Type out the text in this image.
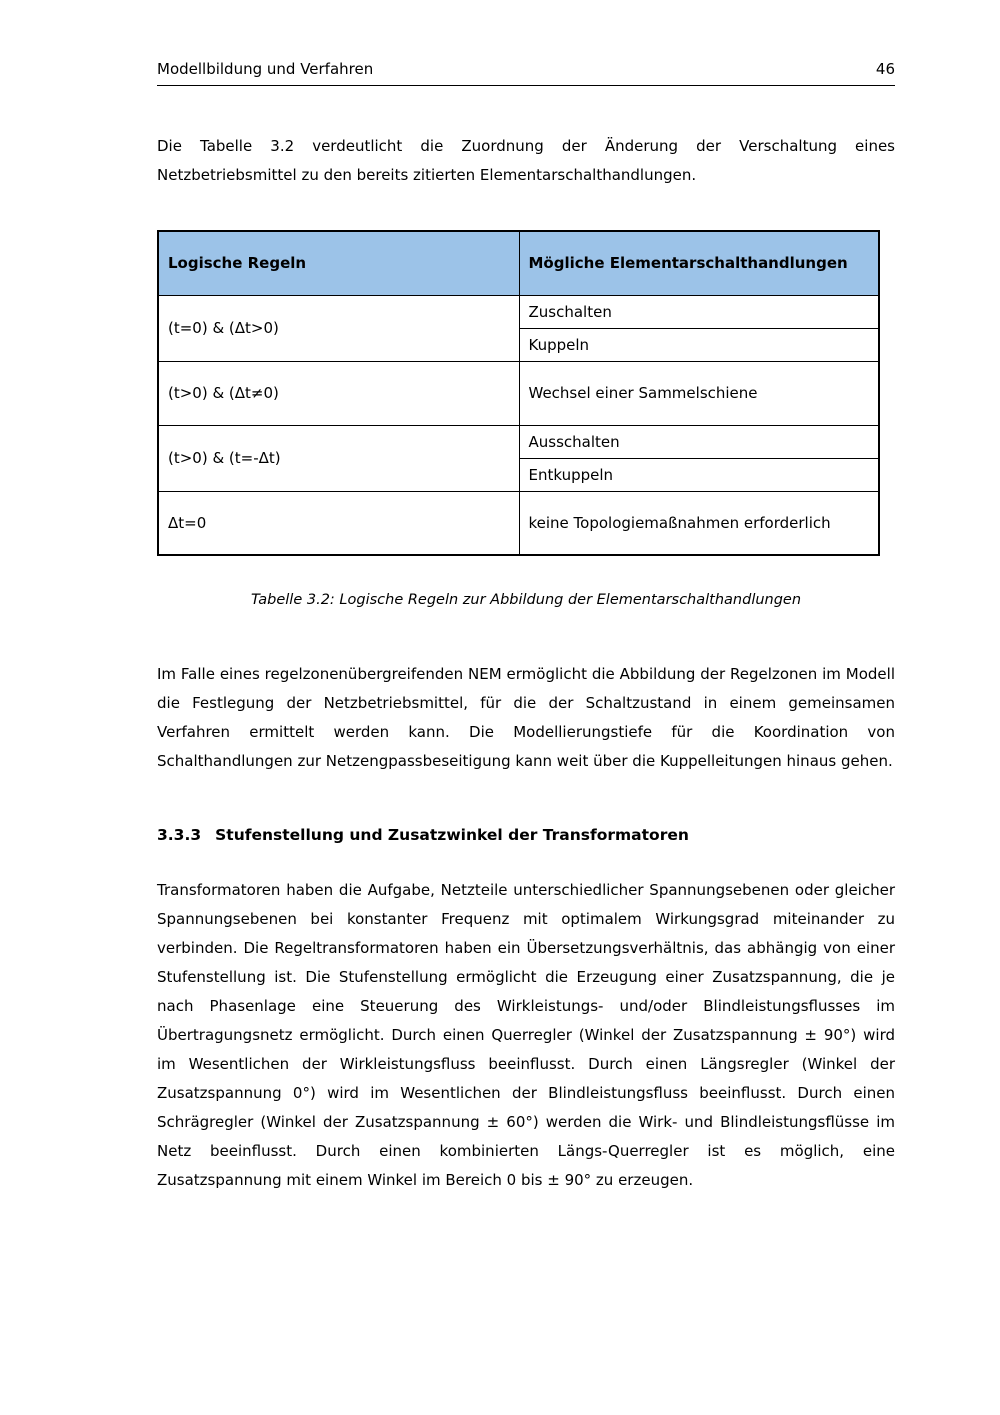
Modellbildung und Verfahren	46

Die Tabelle 3.2 verdeutlicht die Zuordnung der Änderung der Verschaltung eines Netzbetriebsmittel zu den bereits zitierten Elementarschalthandlungen.

Logische Regeln	Mögliche Elementarschalthandlungen
(t=0) & (Δt>0)	Zuschalten
	Kuppeln
(t>0) & (Δt≠0)	Wechsel einer Sammelschiene
(t>0) & (t=-Δt)	Ausschalten
	Entkuppeln
Δt=0	keine Topologiemaßnahmen erforderlich
Tabelle 3.2: Logische Regeln zur Abbildung der Elementarschalthandlungen

Im Falle eines regelzonenübergreifenden NEM ermöglicht die Abbildung der Regelzonen im Modell die Festlegung der Netzbetriebsmittel, für die der Schaltzustand in einem gemeinsamen Verfahren ermittelt werden kann. Die Modellierungstiefe für die Koordination von Schalthandlungen zur Netzengpassbeseitigung kann weit über die Kuppelleitungen hinaus gehen.

3.3.3 Stufenstellung und Zusatzwinkel der Transformatoren

Transformatoren haben die Aufgabe, Netzteile unterschiedlicher Spannungsebenen oder gleicher Spannungsebenen bei konstanter Frequenz mit optimalem Wirkungsgrad miteinander zu verbinden. Die Regeltransformatoren haben ein Übersetzungsverhältnis, das abhängig von einer Stufenstellung ist. Die Stufenstellung ermöglicht die Erzeugung einer Zusatzspannung, die je nach Phasenlage eine Steuerung des Wirkleistungs- und/oder Blindleistungsflusses im Übertragungsnetz ermöglicht. Durch einen Querregler (Winkel der Zusatzspannung ± 90°) wird im Wesentlichen der Wirkleistungsfluss beeinflusst. Durch einen Längsregler (Winkel der Zusatzspannung 0°) wird im Wesentlichen der Blindleistungsfluss beeinflusst. Durch einen Schrägregler (Winkel der Zusatzspannung ± 60°) werden die Wirk- und Blindleistungsflüsse im Netz beeinflusst. Durch einen kombinierten Längs-Querregler ist es möglich, eine Zusatzspannung mit einem Winkel im Bereich 0 bis ± 90° zu erzeugen.
